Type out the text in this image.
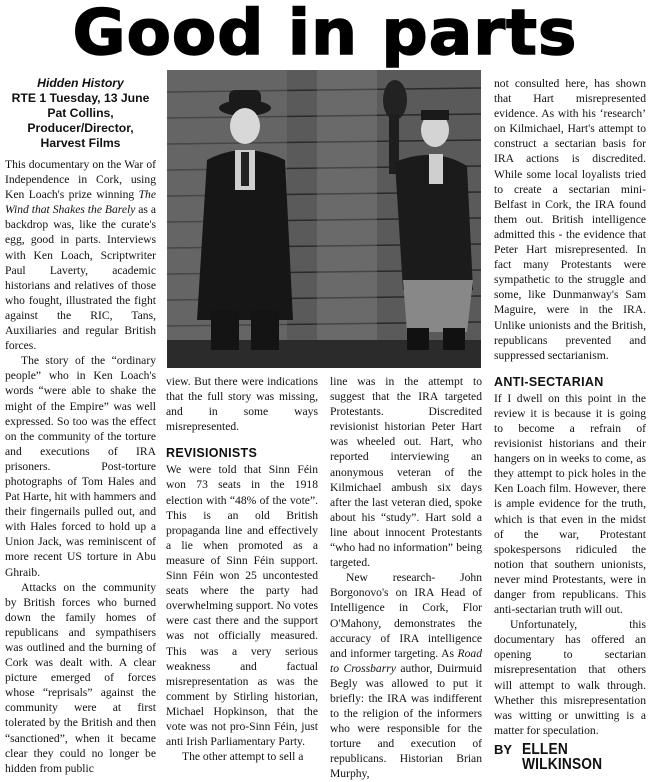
Good in parts
Hidden History
RTE 1 Tuesday, 13 June
Pat Collins,
Producer/Director,
Harvest Films

This documentary on the War of Independence in Cork, using Ken Loach's prize winning The Wind that Shakes the Barely as a backdrop was, like the curate's egg, good in parts. Interviews with Ken Loach, Scriptwriter Paul Laverty, academic historians and relatives of those who fought, illustrated the fight against the RIC, Tans, Auxiliaries and regular British forces.

The story of the “ordinary people” who in Ken Loach's words “were able to shake the might of the Empire” was well expressed. So too was the effect on the community of the torture and executions of IRA prisoners. Post-torture photographs of Tom Hales and Pat Harte, hit with hammers and their fingernails pulled out, and with Hales forced to hold up a Union Jack, was reminiscent of more recent US torture in Abu Ghraib.

Attacks on the community by British forces who burned down the family homes of republicans and sympathisers was outlined and the burning of Cork was dealt with. A clear picture emerged of forces whose “reprisals” against the community were at first tolerated by the British and then “sanctioned”, when it became clear they could no longer be hidden from public

view. But there were indications that the full story was missing, and in some ways misrepresented.

REVISIONISTS

We were told that Sinn Féin won 73 seats in the 1918 election with “48% of the vote”. This is an old British propaganda line and effectively a lie when promoted as a measure of Sinn Féin support. Sinn Féin won 25 uncontested seats where the party had overwhelming support. No votes were cast there and the support was not officially measured. This was a very serious weakness and factual misrepresentation as was the comment by Stirling historian, Michael Hopkinson, that the vote was not pro-Sinn Féin, just anti Irish Parliamentary Party.

The other attempt to sell a

line was in the attempt to suggest that the IRA targeted Protestants. Discredited revisionist historian Peter Hart was wheeled out. Hart, who reported interviewing an anonymous veteran of the Kilmichael ambush six days after the last veteran died, spoke about his “study”. Hart sold a line about innocent Protestants “who had no information” being targeted.

New research- John Borgonovo's on IRA Head of Intelligence in Cork, Flor O'Mahony, demonstrates the accuracy of IRA intelligence and informer targeting. As Road to Crossbarry author, Duirmuid Begly was allowed to put it briefly: the IRA was indifferent to the religion of the informers who were responsible for the torture and execution of republicans. Historian Brian Murphy,

not consulted here, has shown that Hart misrepresented evidence. As with his ‘research’ on Kilmichael, Hart's attempt to construct a sectarian basis for IRA actions is discredited. While some local loyalists tried to create a sectarian mini-Belfast in Cork, the IRA found them out. British intelligence admitted this - the evidence that Peter Hart misrepresented. In fact many Protestants were sympathetic to the struggle and some, like Dunmanway's Sam Maguire, were in the IRA. Unlike unionists and the British, republicans prevented and suppressed sectarianism.

ANTI-SECTARIAN

If I dwell on this point in the review it is because it is going to become a refrain of revisionist historians and their hangers on in weeks to come, as they attempt to pick holes in the Ken Loach film. However, there is ample evidence for the truth, which is that even in the midst of the war, Protestant spokespersons ridiculed the notion that southern unionists, never mind Protestants, were in danger from republicans. This anti-sectarian truth will out.

Unfortunately, this documentary has offered an opening to sectarian misrepresentation that others will attempt to walk through. Whether this misrepresentation was witting or unwitting is a matter for speculation.

BY ELLEN WILKINSON
